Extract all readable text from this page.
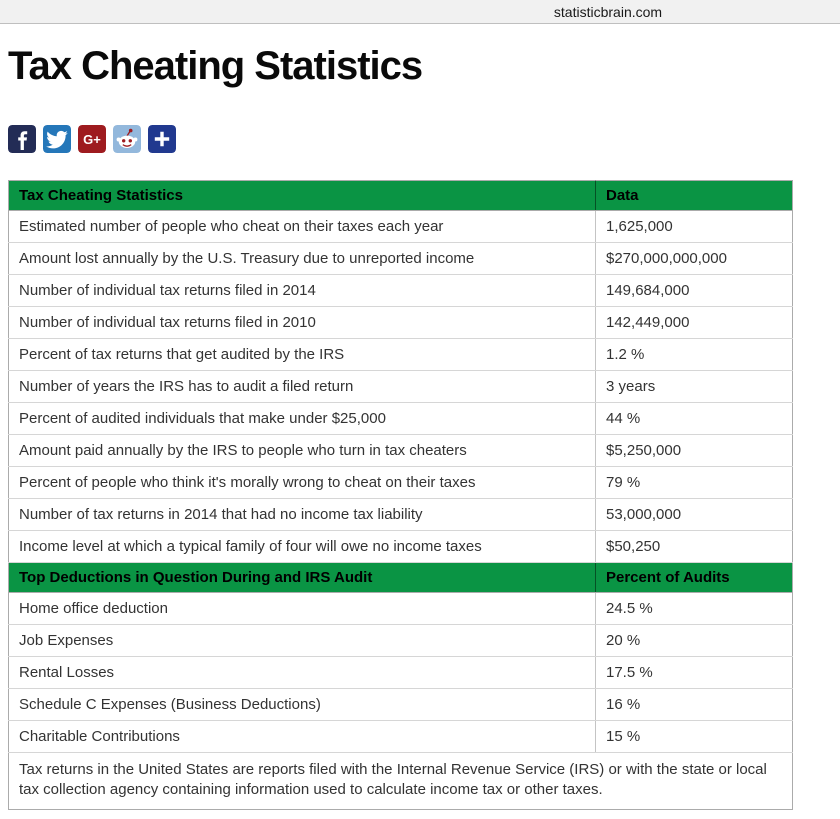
statisticbrain.com
Tax Cheating Statistics
G+
Tax Cheating Statistics	Data
Estimated number of people who cheat on their taxes each year	1,625,000
Amount lost annually by the U.S. Treasury due to unreported income	$270,000,000,000
Number of individual tax returns filed in 2014	149,684,000
Number of individual tax returns filed in 2010	142,449,000
Percent of tax returns that get audited by the IRS	1.2 %
Number of years the IRS has to audit a filed return	3 years
Percent of audited individuals that make under $25,000	44 %
Amount paid annually by the IRS to people who turn in tax cheaters	$5,250,000
Percent of people who think it's morally wrong to cheat on their taxes	79 %
Number of tax returns in 2014 that had no income tax liability	53,000,000
Income level at which a typical family of four will owe no income taxes	$50,250
Top Deductions in Question During and IRS Audit	Percent of Audits
Home office deduction	24.5 %
Job Expenses	20 %
Rental Losses	17.5 %
Schedule C Expenses (Business Deductions)	16 %
Charitable Contributions	15 %
Tax returns in the United States are reports filed with the Internal Revenue Service (IRS) or with the state or local tax collection agency containing information used to calculate income tax or other taxes.	
